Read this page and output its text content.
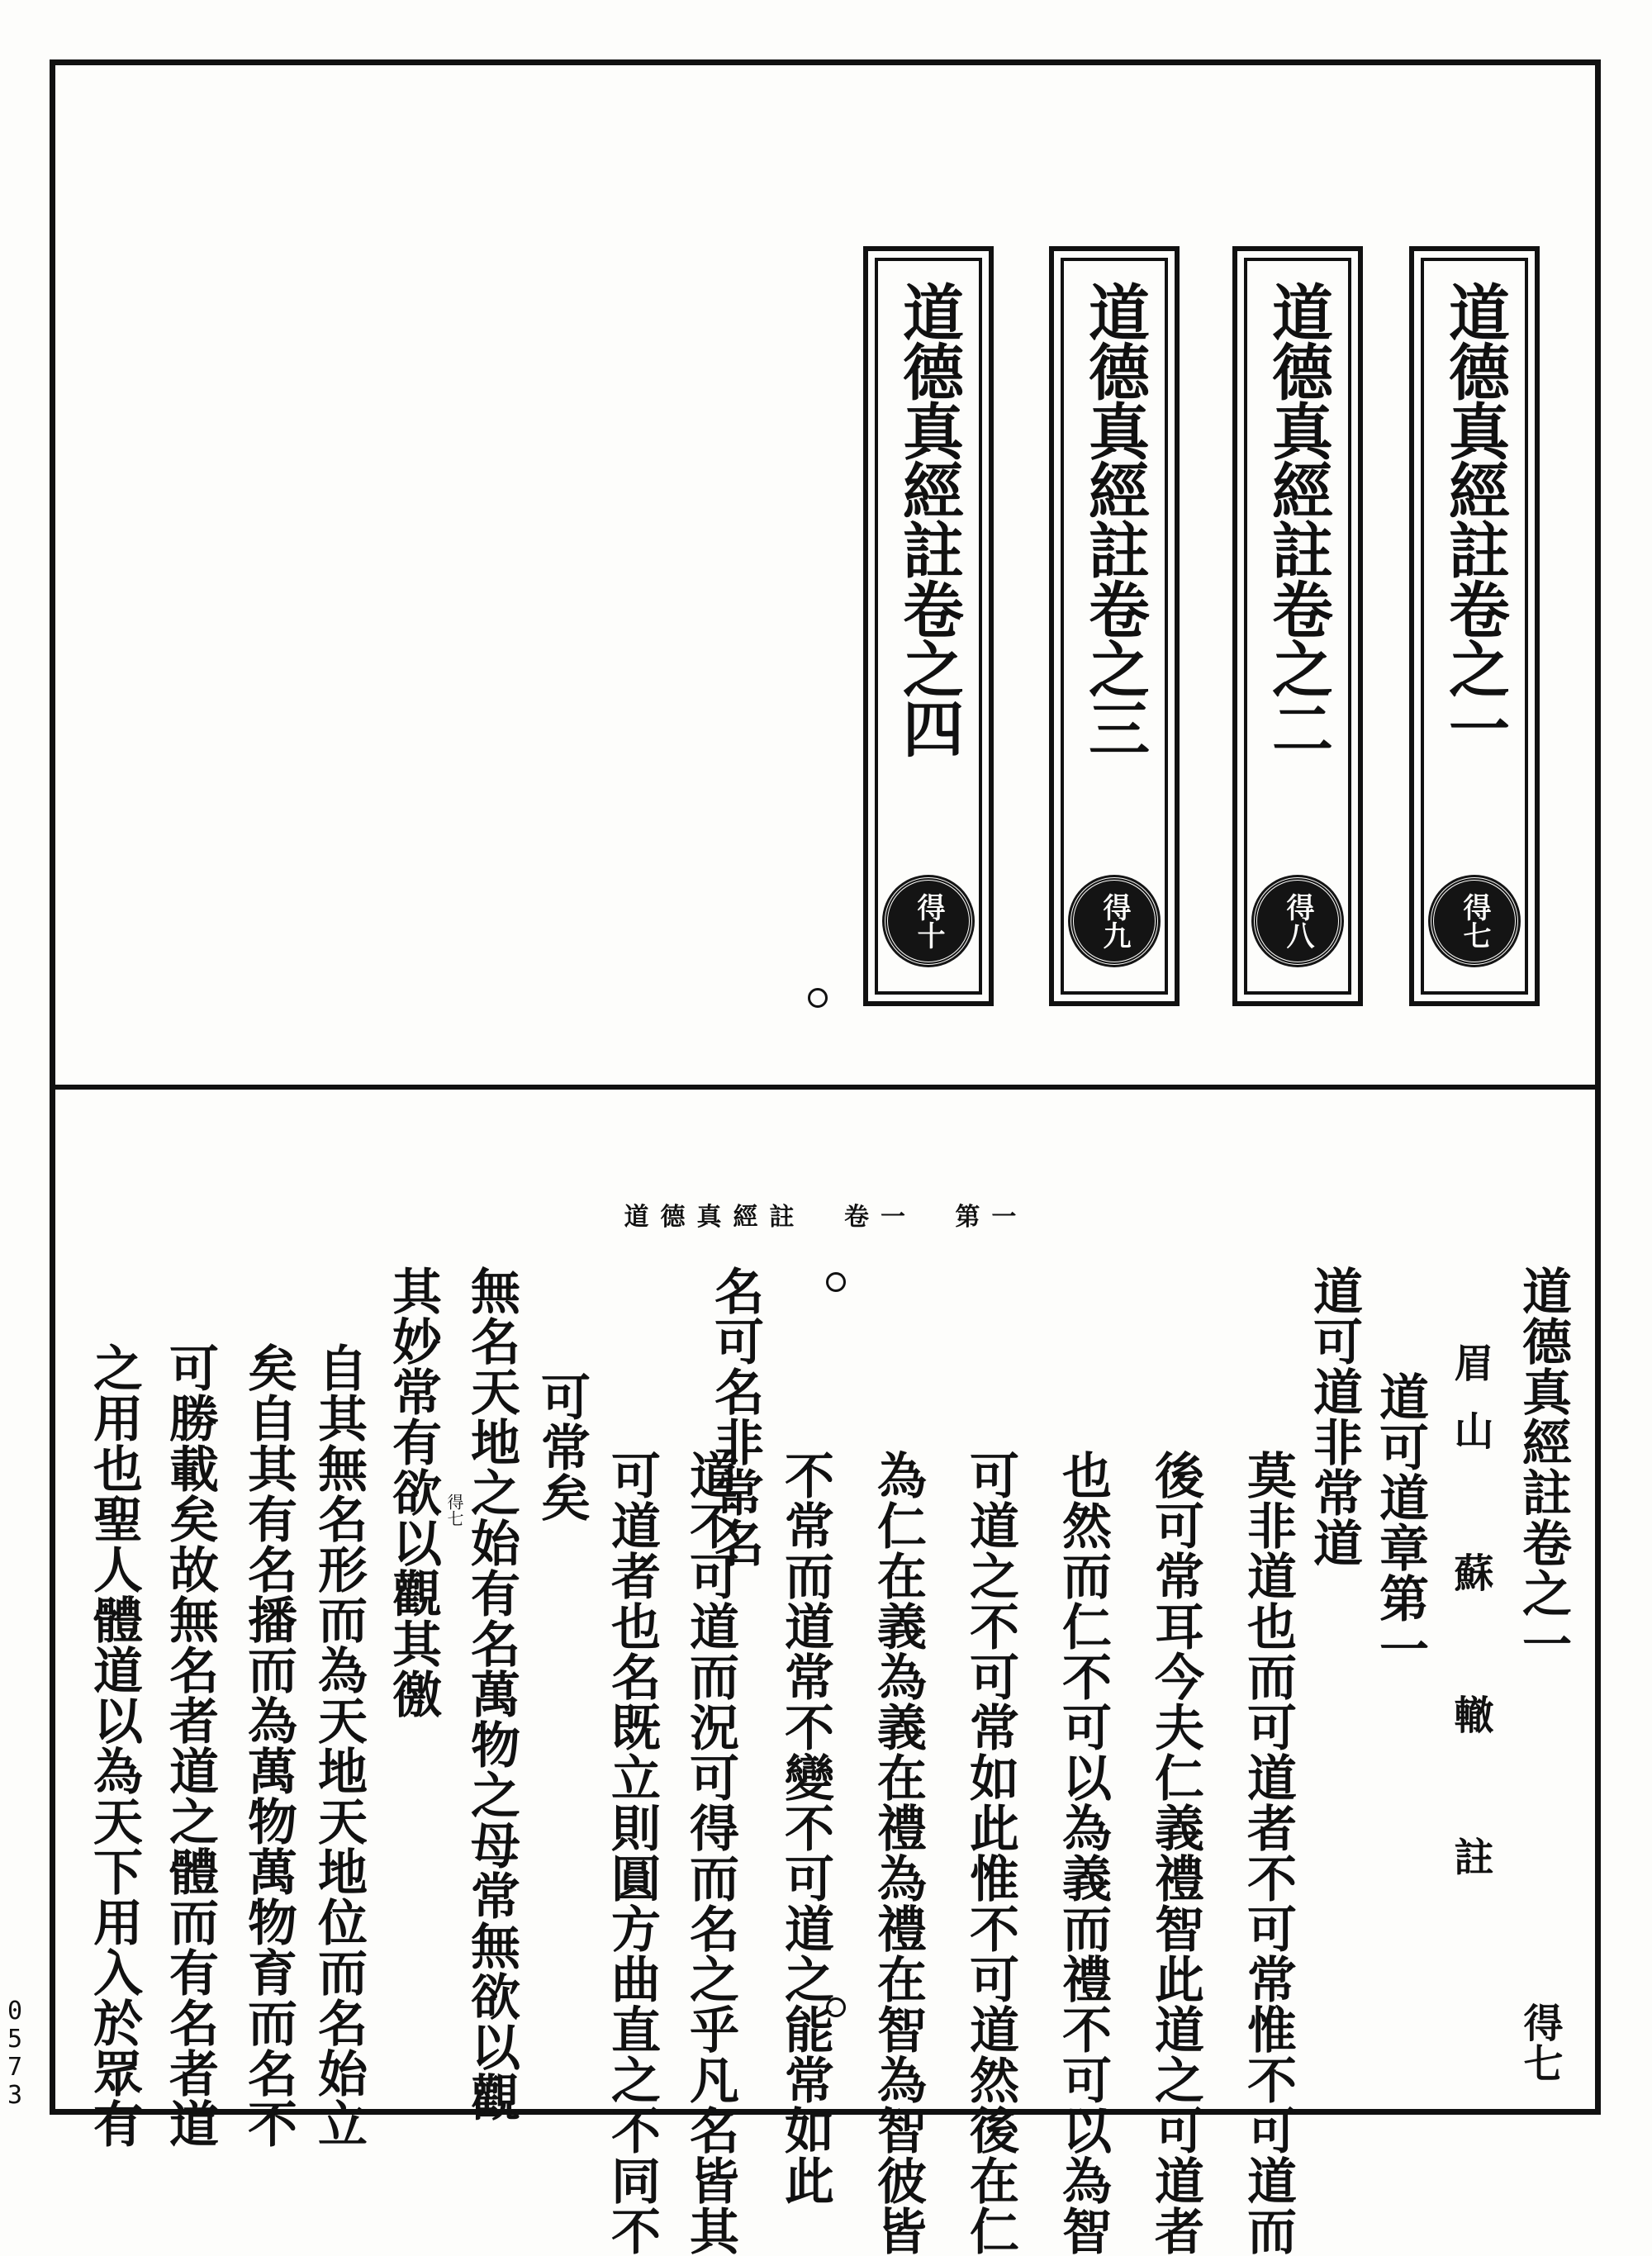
道德真經註卷之一
得七
道德真經註卷之二
得八
道德真經註卷之三
得九
道德真經註卷之四
得十
道德真經註 卷一 第一
道德真經註卷之一
眉山 蘇 轍 註
道可道章第一
道可道非常道
莫非道也而可道者不可常惟不可道而
後可常耳今夫仁義禮智此道之可道者
也然而仁不可以為義而禮不可以為智
可道之不可常如此惟不可道然後在仁
為仁在義為義在禮為禮在智為智彼皆
不常而道常不變不可道之能常如此
名可名非常名
道不可道而況可得而名之乎凡名皆其
可道者也名既立則圓方曲直之不同不
可常矣
無名天地之始有名萬物之母常無欲以觀
其妙常有欲以觀其徼
自其無名形而為天地天地位而名始立
矣自其有名播而為萬物萬物育而名不
可勝載矣故無名者道之體而有名者道
之用也聖人體道以為天下用入於眾有	得七
得七
0
5
7
3
